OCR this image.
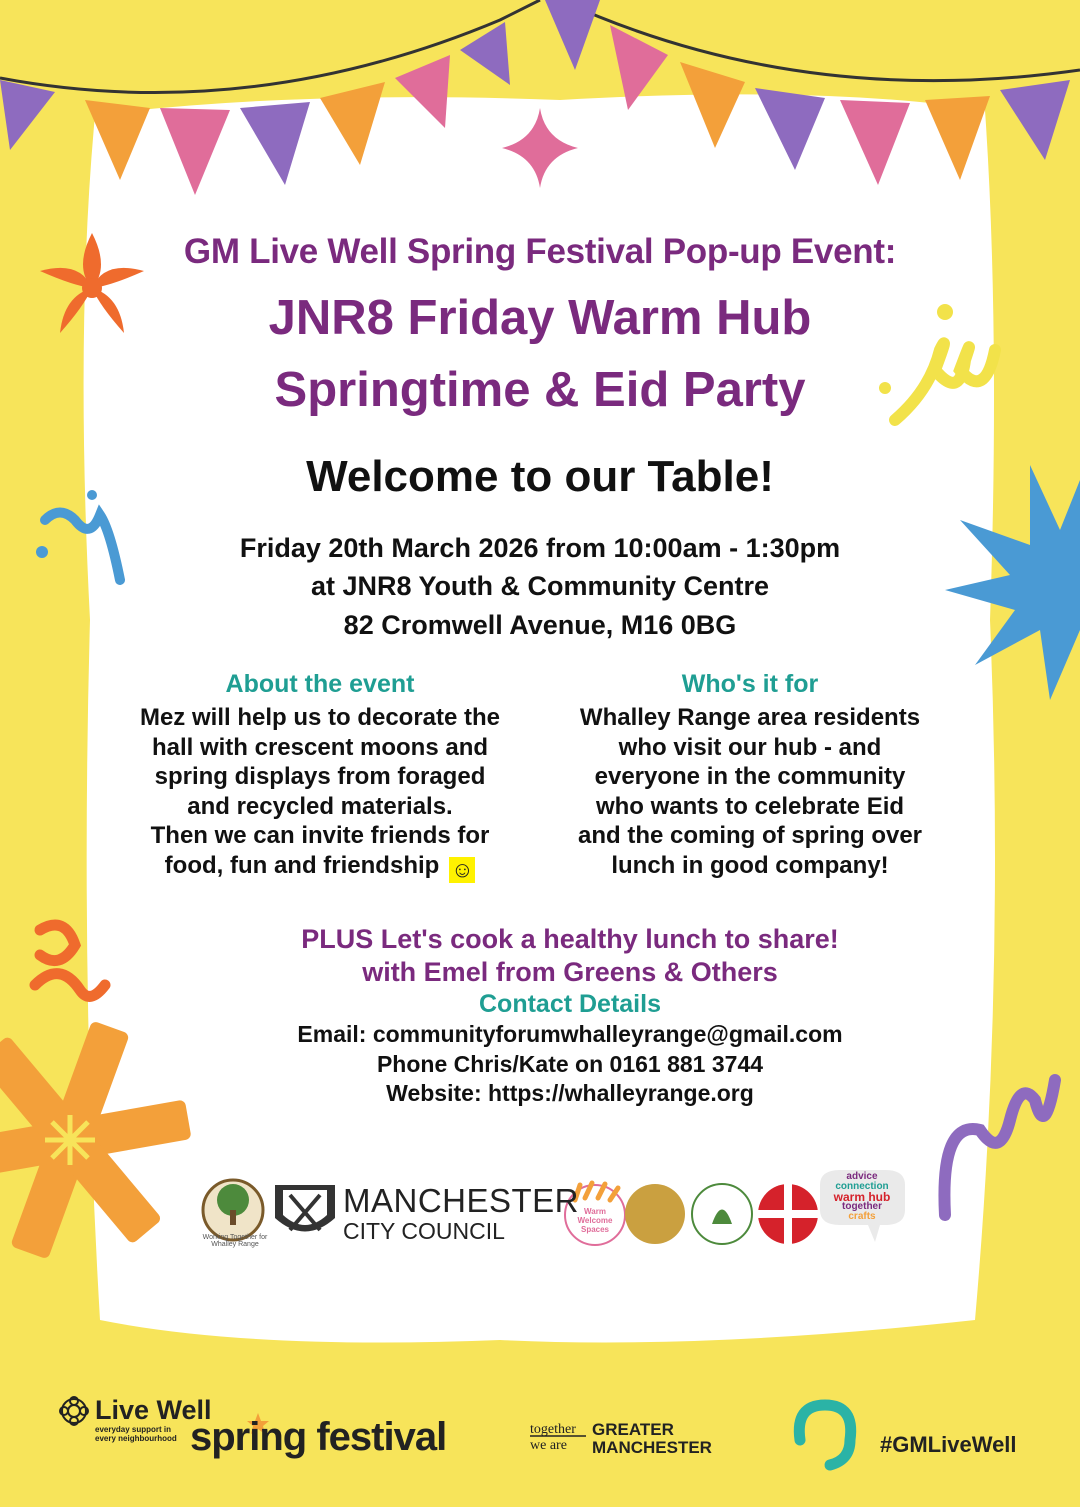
GM Live Well Spring Festival Pop-up Event:
JNR8 Friday Warm Hub
Springtime & Eid Party
Welcome to our Table!
Friday 20th March 2026 from 10:00am - 1:30pm
at JNR8 Youth & Community Centre
82 Cromwell Avenue, M16 0BG
About the event
Mez will help us to decorate the
hall with crescent moons and
spring displays from foraged
and recycled materials.
Then we can invite friends for
food, fun and friendship ☺
Who's it for
Whalley Range area residents
who visit our hub - and
everyone in the community
who wants to celebrate Eid
and the coming of spring over
lunch in good company!
PLUS Let's cook a healthy lunch to share!
with Emel from Greens & Others
Contact Details
Email: communityforumwhalleyrange@gmail.com
Phone Chris/Kate on 0161 881 3744
Website: https://whalleyrange.org
Working Together for Whalley Range
MANCHESTER
CITY COUNCIL
Warm Welcome Spaces
advice
connection
warm hub
together
crafts
Live Well
everyday support in
every neighbourhood spring festival	together
we are
GREATER
MANCHESTER	#GMLiveWell
